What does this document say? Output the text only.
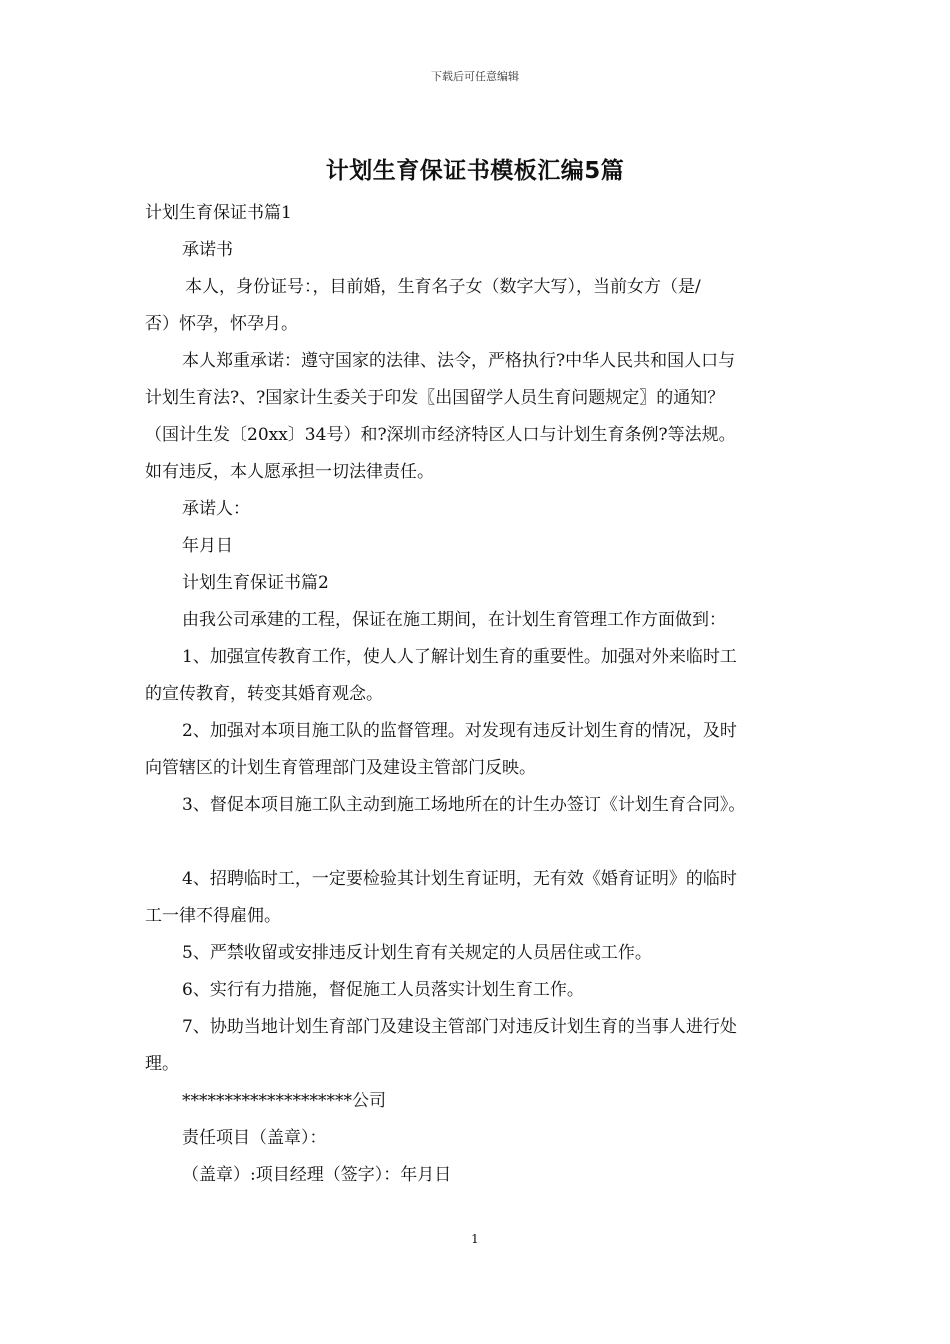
下载后可任意编辑
计划生育保证书模板汇编5篇
计划生育保证书篇1
承诺书
本人，身份证号：，目前婚，生育名子女（数字大写），当前女方（是/
否）怀孕，怀孕月。
本人郑重承诺：遵守国家的法律、法令，严格执行?中华人民共和国人口与
计划生育法?、?国家计生委关于印发〖出国留学人员生育问题规定〗的通知？
（国计生发〔20xx〕34号）和?深圳市经济特区人口与计划生育条例?等法规。
如有违反，本人愿承担一切法律责任。
承诺人：
年月日
计划生育保证书篇2
由我公司承建的工程，保证在施工期间，在计划生育管理工作方面做到：
1、加强宣传教育工作，使人人了解计划生育的重要性。加强对外来临时工
的宣传教育，转变其婚育观念。
2、加强对本项目施工队的监督管理。对发现有违反计划生育的情况，及时
向管辖区的计划生育管理部门及建设主管部门反映。
3、督促本项目施工队主动到施工场地所在的计生办签订《计划生育合同》。
4、招聘临时工，一定要检验其计划生育证明，无有效《婚育证明》的临时
工一律不得雇佣。
5、严禁收留或安排违反计划生育有关规定的人员居住或工作。
6、实行有力措施，督促施工人员落实计划生育工作。
7、协助当地计划生育部门及建设主管部门对违反计划生育的当事人进行处
理。
********************公司
责任项目（盖章）：
（盖章）:项目经理（签字）：年月日
1
